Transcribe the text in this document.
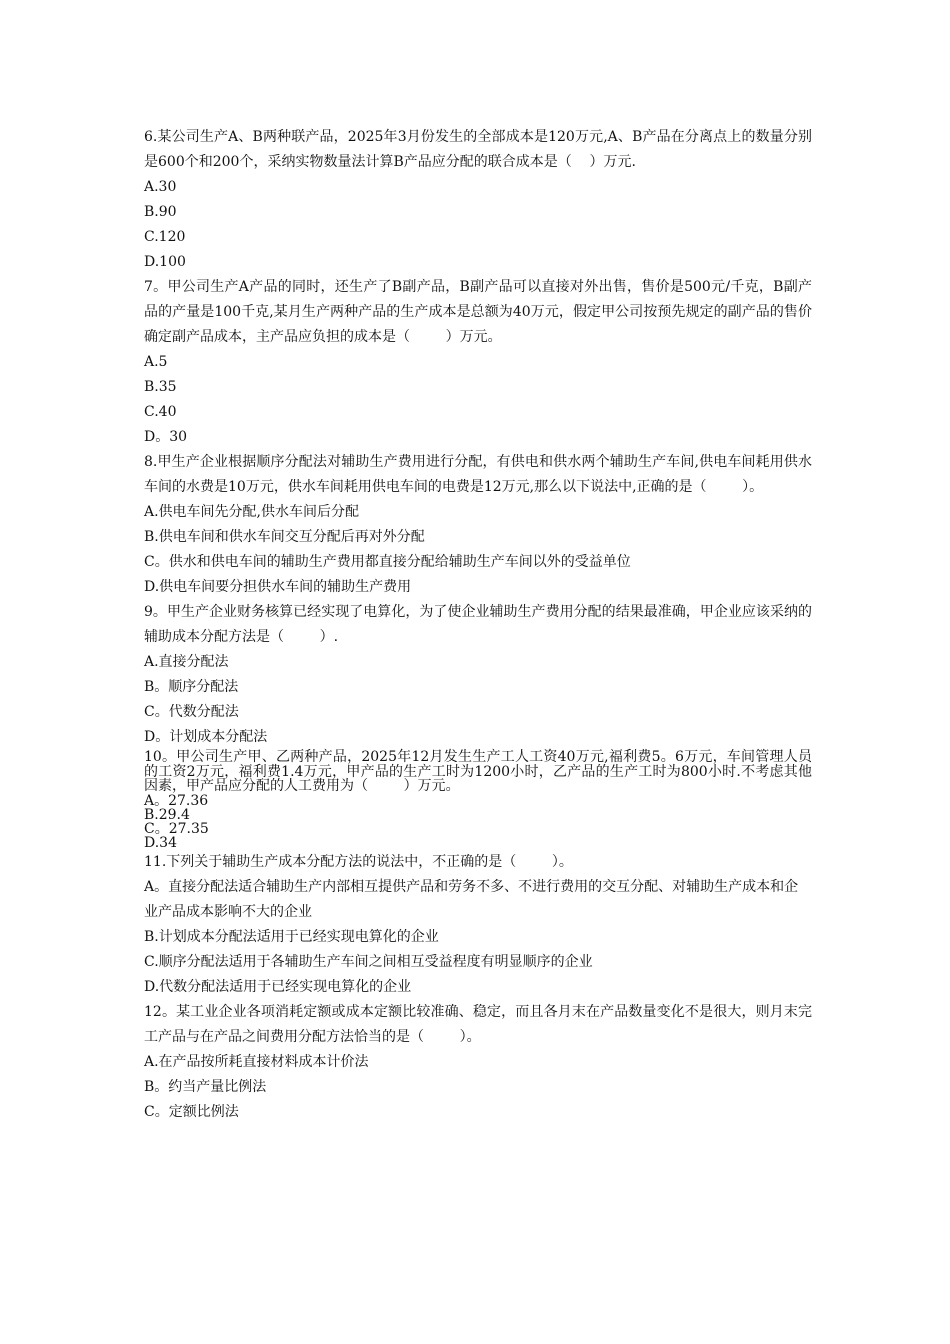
6.某公司生产A、B两种联产品，2025年3月份发生的全部成本是120万元,A、B产品在分离点上的数量分别是600个和200个，采纳实物数量法计算B产品应分配的联合成本是（    ）万元.

A.30

B.90

C.120

D.100

7。甲公司生产A产品的同时，还生产了B副产品，B副产品可以直接对外出售，售价是500元/千克，B副产品的产量是100千克,某月生产两种产品的生产成本是总额为40万元，假定甲公司按预先规定的副产品的售价确定副产品成本，主产品应负担的成本是（        ）万元。

A.5

B.35

C.40

D。30

8.甲生产企业根据顺序分配法对辅助生产费用进行分配，有供电和供水两个辅助生产车间,供电车间耗用供水车间的水费是10万元，供水车间耗用供电车间的电费是12万元,那么以下说法中,正确的是（        ）。

A.供电车间先分配,供水车间后分配

B.供电车间和供水车间交互分配后再对外分配

C。供水和供电车间的辅助生产费用都直接分配给辅助生产车间以外的受益单位

D.供电车间要分担供水车间的辅助生产费用

9。甲生产企业财务核算已经实现了电算化，为了使企业辅助生产费用分配的结果最准确，甲企业应该采纳的辅助成本分配方法是（        ）.

A.直接分配法

B。顺序分配法

C。代数分配法

D。计划成本分配法

10。甲公司生产甲、乙两种产品，2025年12月发生生产工人工资40万元,福利费5。6万元，车间管理人员的工资2万元，福利费1.4万元，甲产品的生产工时为1200小时，乙产品的生产工时为800小时.不考虑其他因素，甲产品应分配的人工费用为（        ）万元。

A。27.36

B.29.4

C。27.35

D.34

11.下列关于辅助生产成本分配方法的说法中，不正确的是（        ）。

A。直接分配法适合辅助生产内部相互提供产品和劳务不多、不进行费用的交互分配、对辅助生产成本和企业产品成本影响不大的企业

B.计划成本分配法适用于已经实现电算化的企业

C.顺序分配法适用于各辅助生产车间之间相互受益程度有明显顺序的企业

D.代数分配法适用于已经实现电算化的企业

12。某工业企业各项消耗定额或成本定额比较准确、稳定，而且各月末在产品数量变化不是很大，则月末完工产品与在产品之间费用分配方法恰当的是（        ）。

A.在产品按所耗直接材料成本计价法

B。约当产量比例法

C。定额比例法
